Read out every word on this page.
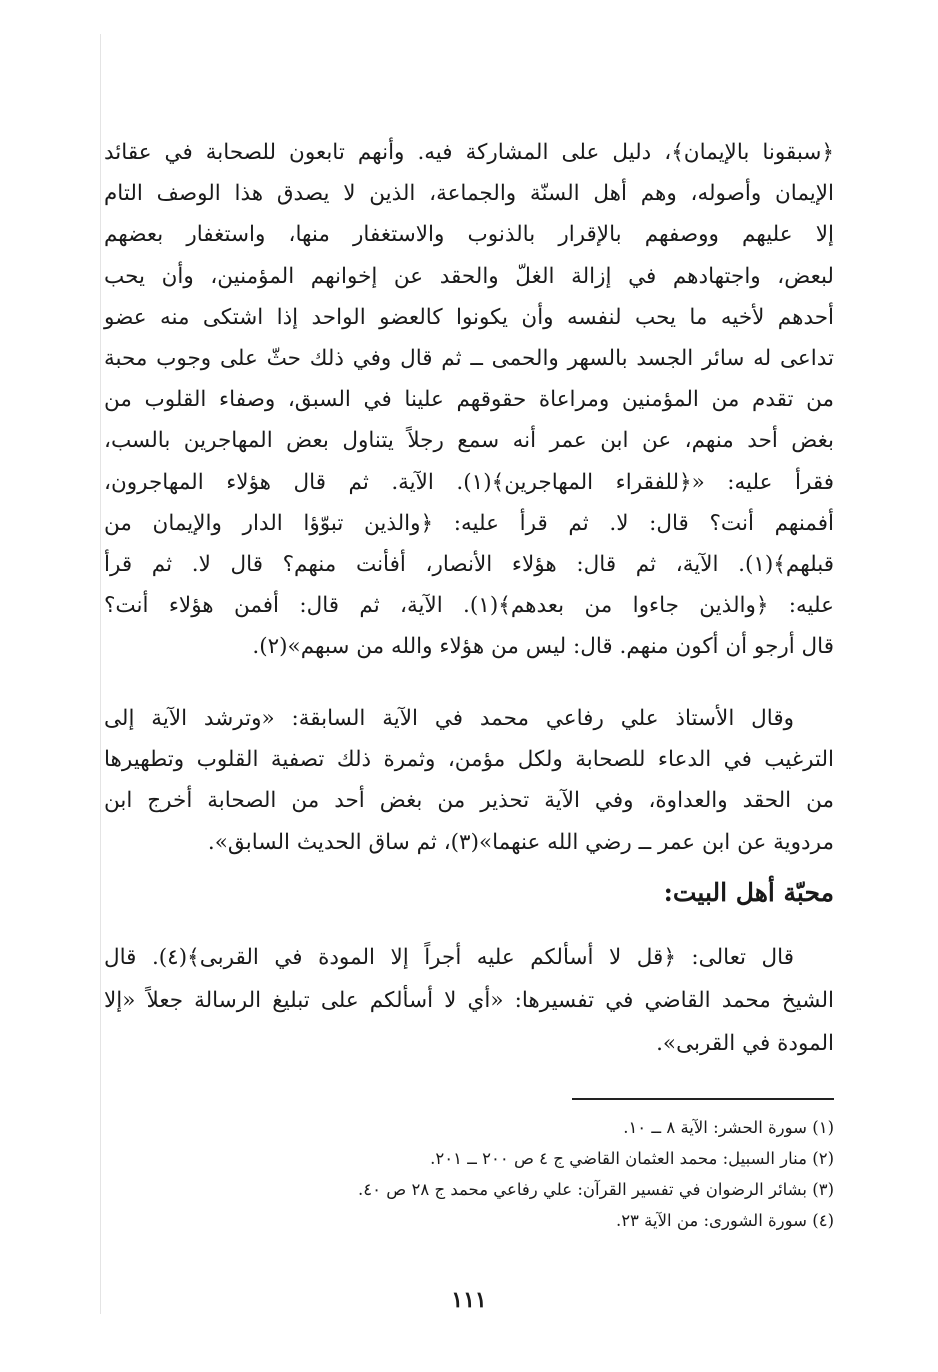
﴿سبقونا بالإيمان﴾، دليل على المشاركة فيه. وأنهم تابعون للصحابة في عقائد
الإيمان وأصوله، وهم أهل السنّة والجماعة، الذين لا يصدق هذا الوصف التام
إلا عليهم ووصفهم بالإقرار بالذنوب والاستغفار منها، واستغفار بعضهم
لبعض، واجتهادهم في إزالة الغلّ والحقد عن إخوانهم المؤمنين، وأن يحب
أحدهم لأخيه ما يحب لنفسه وأن يكونوا كالعضو الواحد إذا اشتكى منه عضو
تداعى له سائر الجسد بالسهر والحمى ــ ثم قال وفي ذلك حثّ على وجوب محبة
من تقدم من المؤمنين ومراعاة حقوقهم علينا في السبق، وصفاء القلوب من
بغض أحد منهم، عن ابن عمر أنه سمع رجلاً يتناول بعض المهاجرين بالسب،
فقرأ عليه: «﴿للفقراء المهاجرين﴾(١). الآية. ثم قال هؤلاء المهاجرون،
أفمنهم أنت؟ قال: لا. ثم قرأ عليه: ﴿والذين تبوّؤا الدار والإيمان من
قبلهم﴾(١). الآية، ثم قال: هؤلاء الأنصار، أفأنت منهم؟ قال لا. ثم قرأ
عليه: ﴿والذين جاءوا من بعدهم﴾(١). الآية، ثم قال: أفمن هؤلاء أنت؟
قال أرجو أن أكون منهم. قال: ليس من هؤلاء والله من سبهم»(٢).
وقال الأستاذ علي رفاعي محمد في الآية السابقة: «وترشد الآية إلى
الترغيب في الدعاء للصحابة ولكل مؤمن، وثمرة ذلك تصفية القلوب وتطهيرها
من الحقد والعداوة، وفي الآية تحذير من بغض أحد من الصحابة أخرج ابن
مردوية عن ابن عمر ــ رضي الله عنهما»(٣)، ثم ساق الحديث السابق».
محبّة أهل البيت:
قال تعالى: ﴿قل لا أسألكم عليه أجراً إلا المودة في القربى﴾(٤). قال
الشيخ محمد القاضي في تفسيرها: «أي لا أسألكم على تبليغ الرسالة جعلاً «إلا
المودة في القربى».
(١) سورة الحشر: الآية ٨ ــ ١٠.
(٢) منار السبيل: محمد العثمان القاضي ج ٤ ص ٢٠٠ ــ ٢٠١.
(٣) بشائر الرضوان في تفسير القرآن: علي رفاعي محمد ج ٢٨ ص ٤٠.
(٤) سورة الشورى: من الآية ٢٣.
١١١
